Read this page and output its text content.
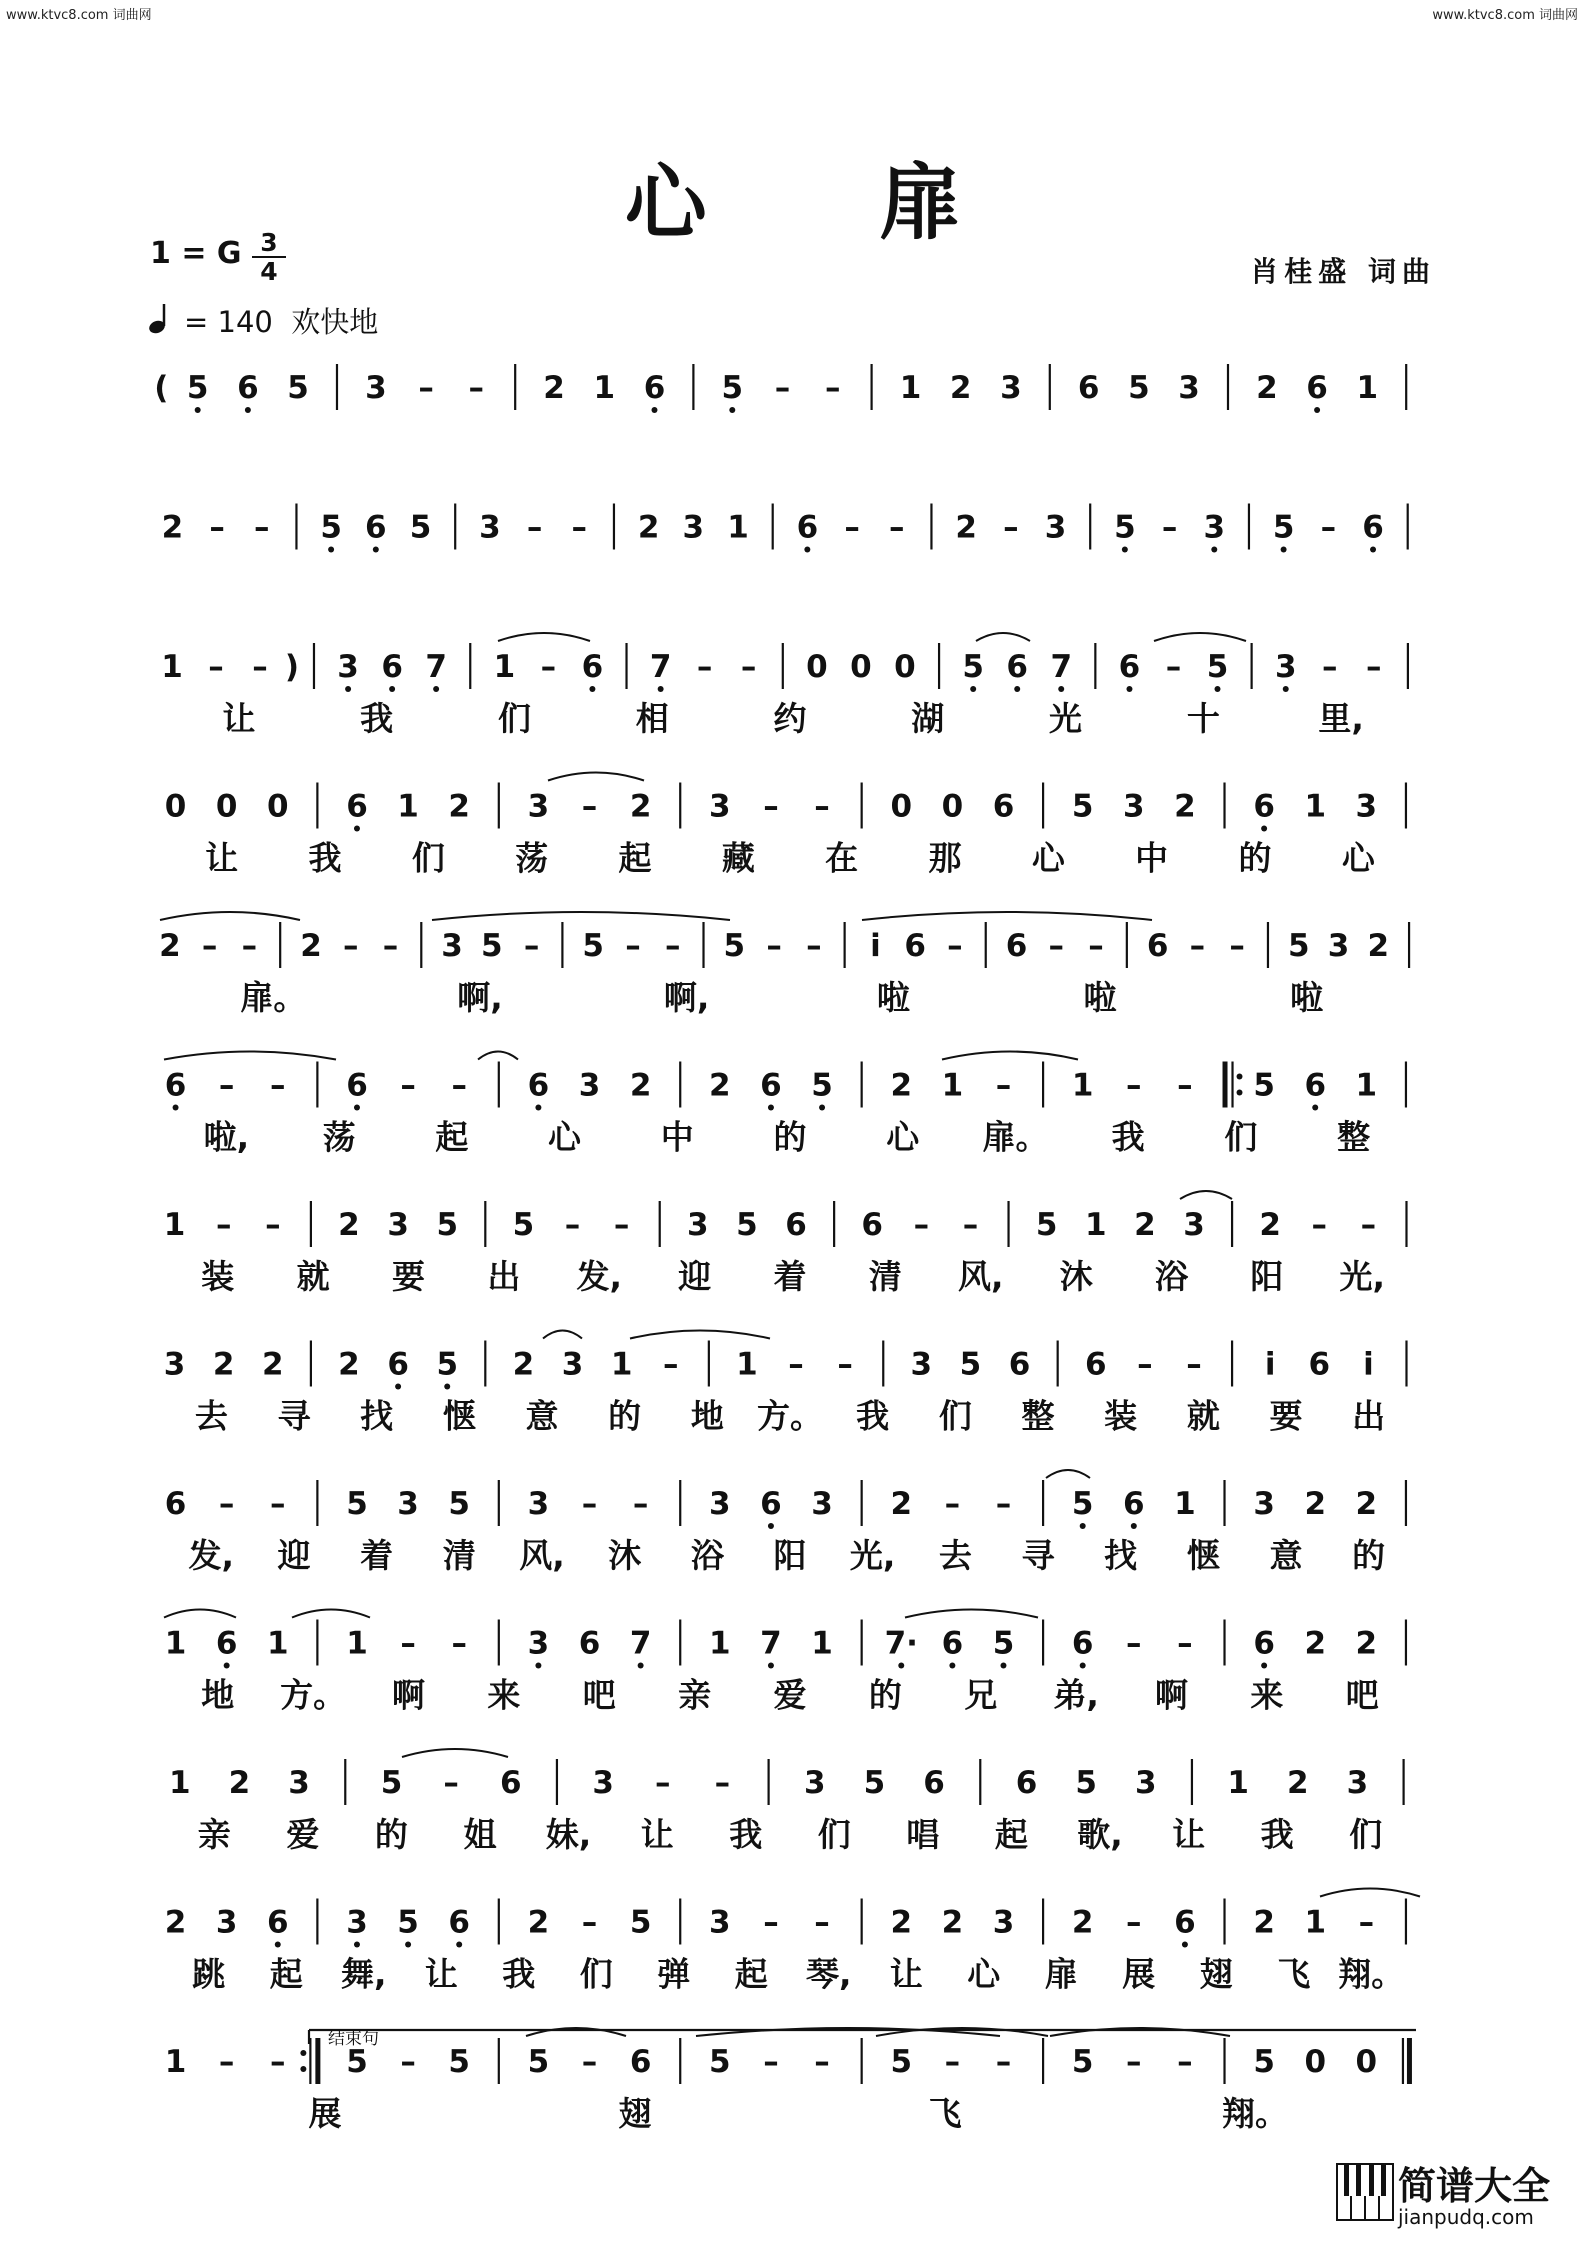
www.ktvc8.com 词曲网	www.ktvc8.com 词曲网
心 扉
1 = G 3
4
= 140  欢快地
肖桂盛 词曲
( 5 6 5 3 – – 2 1 6 5 – – 1 2 3 6 5 3 2 6 1
2 – – 5 6 5 3 – – 2 3 1 6 – – 2 – 3 5 – 3 5 – 6
1 – – ) 3 6 7 1 – 6 7 – – 0 0 0 5 6 7 6 – 5 3 – –
让	我	们	相	约	湖	光	十	里,
0 0 0 6 1 2 3 – 2 3 – – 0 0 6 5 3 2 6 1 3
让 我 们 荡 起 藏 在 那 心 中 的 心
2 – – 2 – – 3 5 – 5 – – 5 – – i 6 – 6 – – 6 – – 5 3 2
扉。	啊,	啊,	啦	啦	啦
6 – – 6 – – 6 3 2 2 6 5 2 1 – 1 – – 5 6 1
啦, 荡 起 心 中 的 心 扉。 我 们 整
1 – – 2 3 5 5 – – 3 5 6 6 – – 5 1 2 3 2 – –
装 就 要 出 发, 迎 着 清 风, 沐 浴 阳 光,
3 2 2 2 6 5 2 3 1 – 1 – – 3 5 6 6 – – i 6 i
去 寻 找 惬 意 的 地 方。 我 们 整 装 就 要 出
6 – – 5 3 5 3 – – 3 6 3 2 – – 5 6 1 3 2 2
发, 迎 着 清 风, 沐 浴 阳 光, 去 寻 找 惬 意 的
1 6 1 1 – – 3 6 7 1 7 1 7· 6 5 6 – – 6 2 2
地 方。 啊 来 吧 亲 爱 的 兄 弟, 啊 来 吧
1 2 3 5 – 6 3 – – 3 5 6 6 5 3 1 2 3
亲 爱 的 姐 妹, 让 我 们 唱 起 歌, 让 我 们
2 3 6 3 5 6 2 – 5 3 – – 2 2 3 2 – 6 2 1 –
跳 起 舞, 让 我 们 弹 起 琴, 让 心 扉 展 翅 飞 翔。
1 – – 5 – 5 5 – 6 5 – – 5 – – 5 – – 5 0 0
展	翅	飞	翔。
结束句
简谱大全
jianpudq.com
